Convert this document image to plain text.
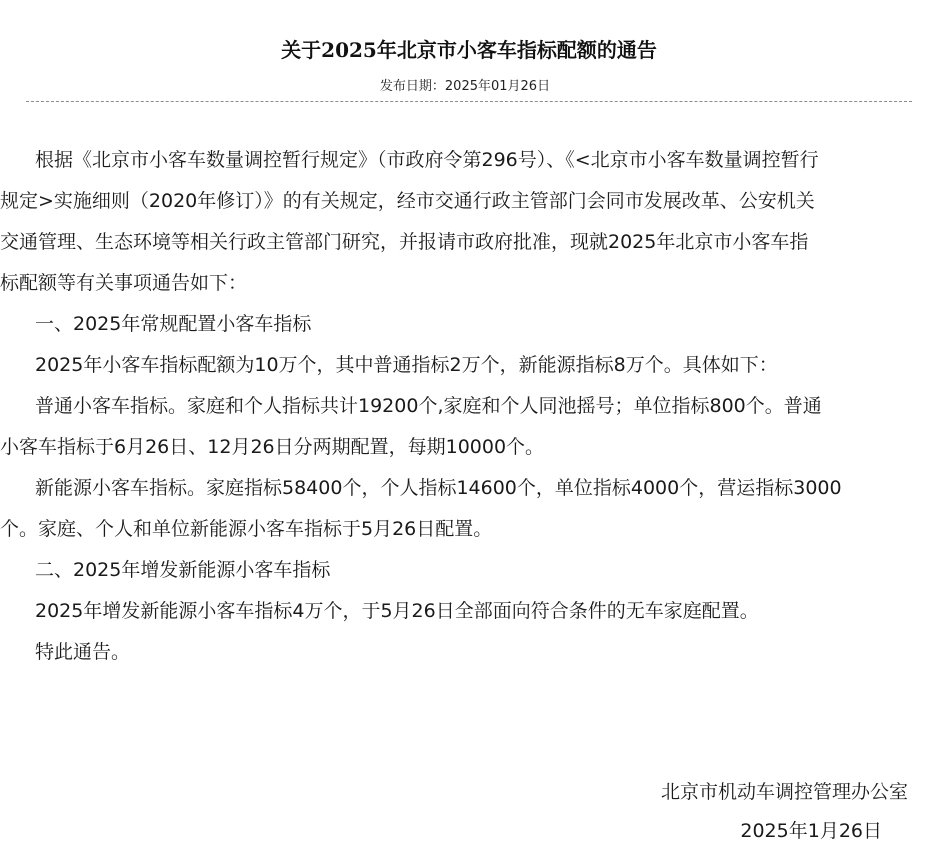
关于2025年北京市小客车指标配额的通告
发布日期：2025年01月26日

根据《北京市小客车数量调控暂行规定》（市政府令第296号）、《<北京市小客车数量调控暂行

规定>实施细则（2020年修订）》的有关规定，经市交通行政主管部门会同市发展改革、公安机关

交通管理、生态环境等相关行政主管部门研究，并报请市政府批准，现就2025年北京市小客车指

标配额等有关事项通告如下：

一、2025年常规配置小客车指标

2025年小客车指标配额为10万个，其中普通指标2万个，新能源指标8万个。具体如下：

普通小客车指标。家庭和个人指标共计19200个,家庭和个人同池摇号；单位指标800个。普通

小客车指标于6月26日、12月26日分两期配置，每期10000个。

新能源小客车指标。家庭指标58400个，个人指标14600个，单位指标4000个，营运指标3000

个。家庭、个人和单位新能源小客车指标于5月26日配置。

二、2025年增发新能源小客车指标

2025年增发新能源小客车指标4万个，于5月26日全部面向符合条件的无车家庭配置。

特此通告。

北京市机动车调控管理办公室
2025年1月26日
